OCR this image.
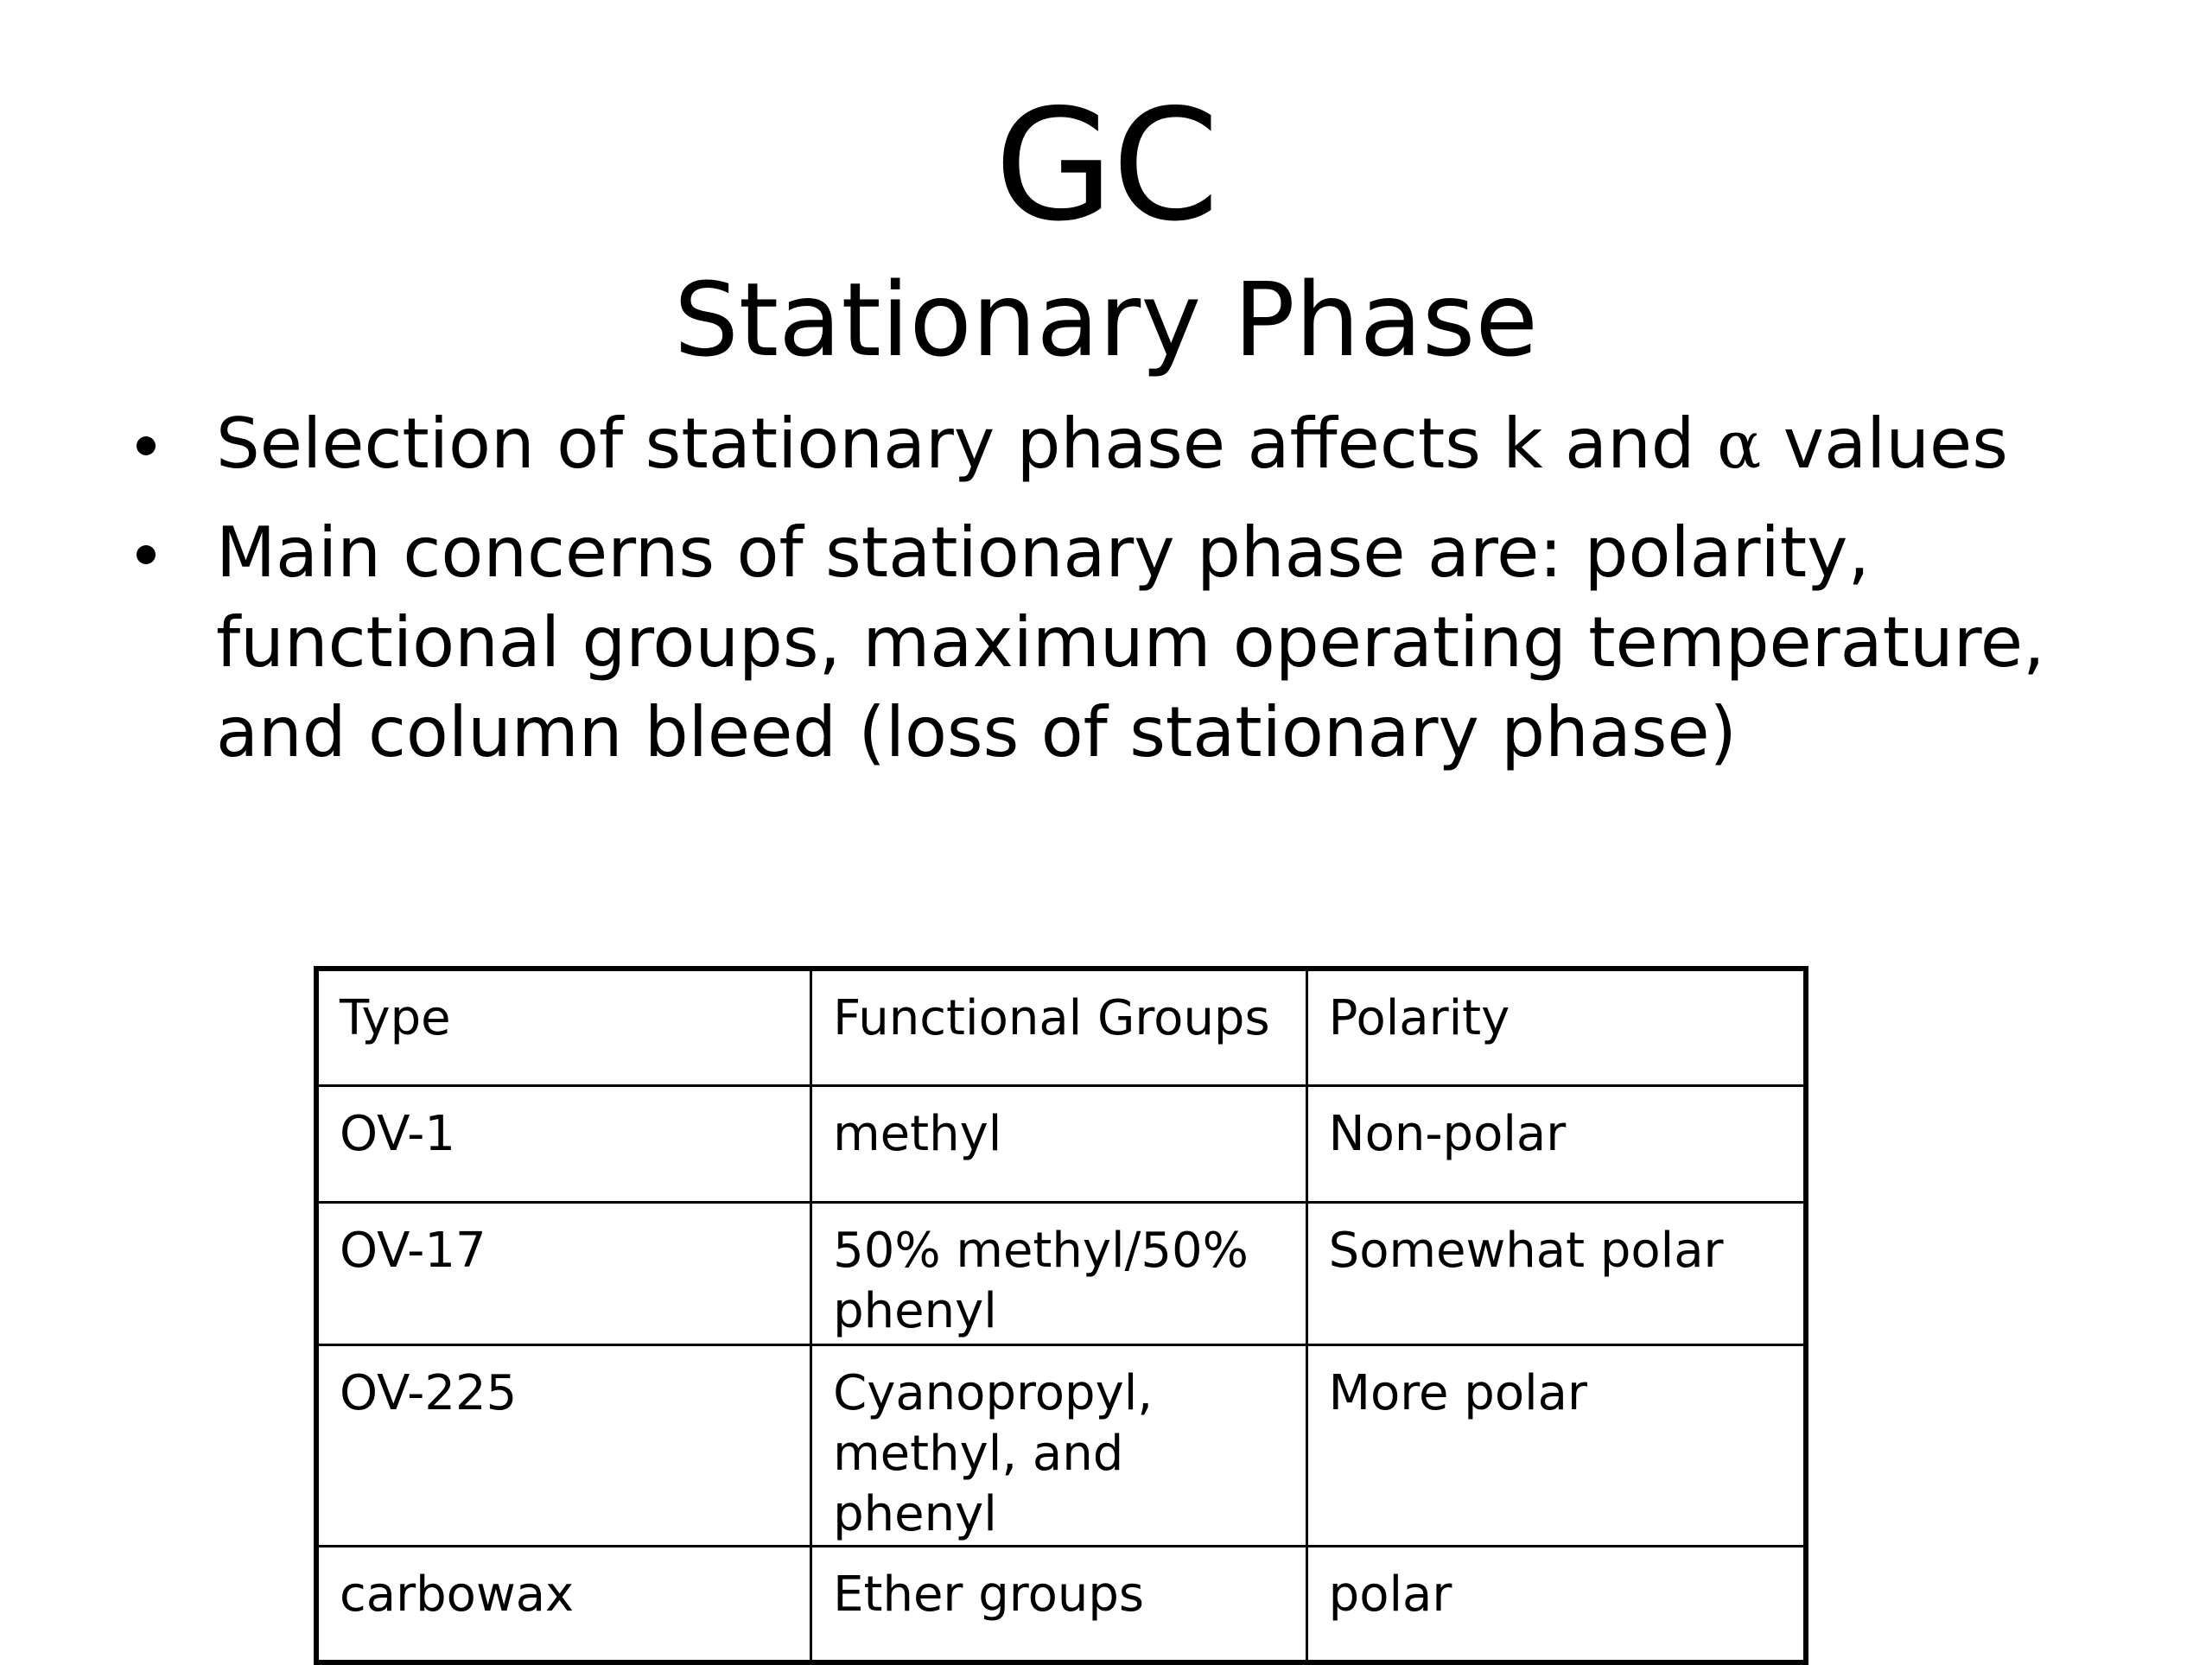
GC
Stationary Phase
Selection of stationary phase affects k and α values
Main concerns of stationary phase are: polarity, functional groups, maximum operating temperature, and column bleed (loss of stationary phase)
Type	Functional Groups	Polarity
OV-1	methyl	Non-polar
OV-17	50% methyl/50% phenyl	Somewhat polar
OV-225	Cyanopropyl, methyl, and phenyl	More polar
carbowax	Ether groups	polar
